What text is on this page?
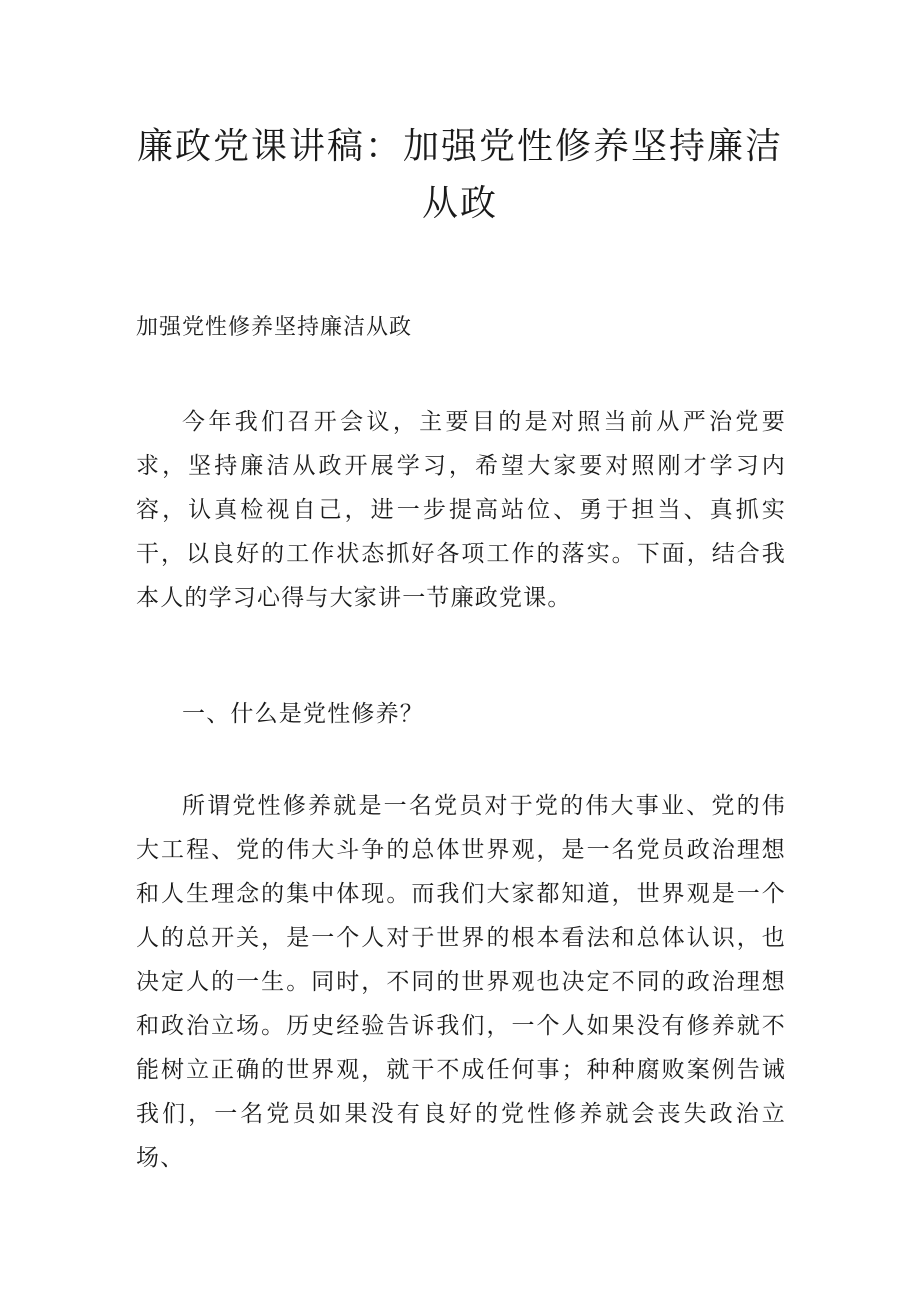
廉政党课讲稿：加强党性修养坚持廉洁从政

加强党性修养坚持廉洁从政

今年我们召开会议，主要目的是对照当前从严治党要求，坚持廉洁从政开展学习，希望大家要对照刚才学习内容，认真检视自己，进一步提高站位、勇于担当、真抓实干，以良好的工作状态抓好各项工作的落实。下面，结合我本人的学习心得与大家讲一节廉政党课。

一、什么是党性修养？

所谓党性修养就是一名党员对于党的伟大事业、党的伟大工程、党的伟大斗争的总体世界观，是一名党员政治理想和人生理念的集中体现。而我们大家都知道，世界观是一个人的总开关，是一个人对于世界的根本看法和总体认识，也决定人的一生。同时，不同的世界观也决定不同的政治理想和政治立场。历史经验告诉我们，一个人如果没有修养就不能树立正确的世界观，就干不成任何事；种种腐败案例告诫我们，一名党员如果没有良好的党性修养就会丧失政治立场、
